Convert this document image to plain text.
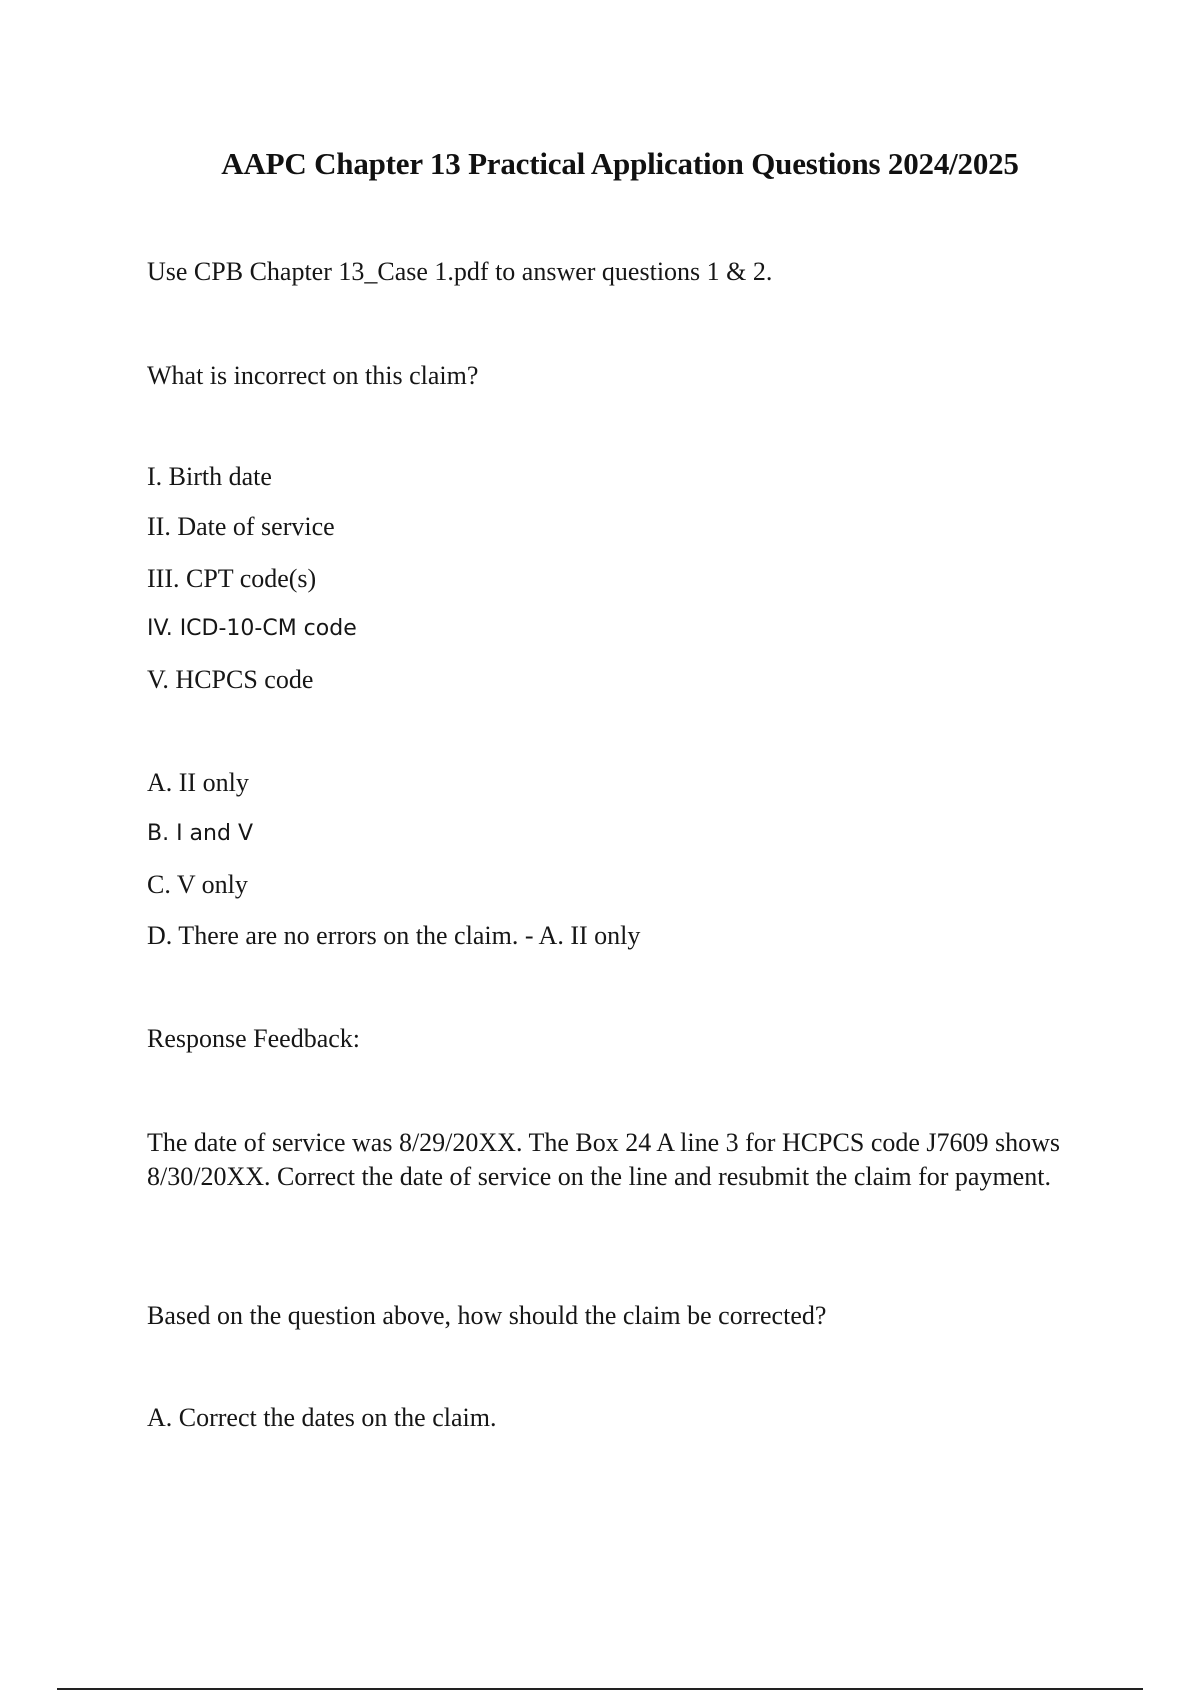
AAPC Chapter 13 Practical Application Questions 2024/2025
Use CPB Chapter 13_Case 1.pdf to answer questions 1 & 2.
What is incorrect on this claim?
I. Birth date
II. Date of service
III. CPT code(s)
IV. ICD-10-CM code
V. HCPCS code
A. II only
B. I and V
C. V only
D. There are no errors on the claim. - A. II only
Response Feedback:
The date of service was 8/29/20XX. The Box 24 A line 3 for HCPCS code J7609 shows 8/30/20XX. Correct the date of service on the line and resubmit the claim for payment.
Based on the question above, how should the claim be corrected?
A. Correct the dates on the claim.
